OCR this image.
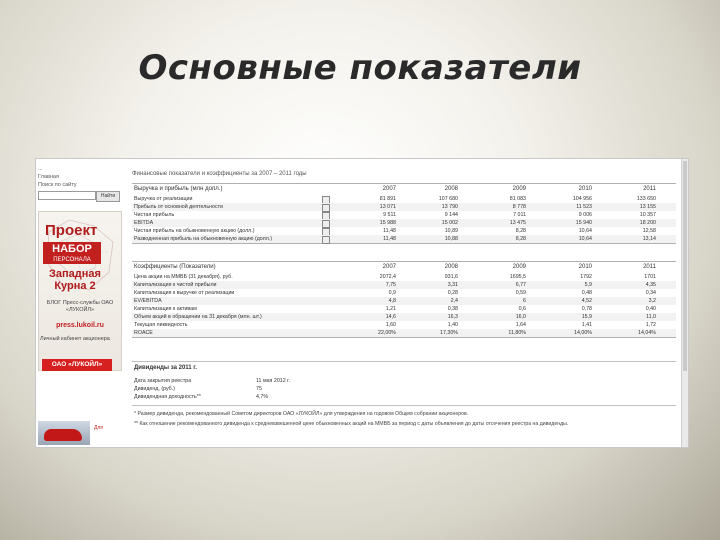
Основные показатели
...
Главная
Поиск по сайту
Найти
Проект
НАБОР
ПЕРСОНАЛА
Западная Курна 2
БЛОГ Пресс-службы ОАО «ЛУКОЙЛ»
press.lukoil.ru
Личный кабинет акционера
ОАО «ЛУКОЙЛ»
Для
Финансовые показатели и коэффициенты за 2007 – 2011 годы
Выручка и прибыль (млн долл.)	2007	2008	2009	2010	2011
Выручка от реализации	81 891	107 680	81 083	104 956	133 650
Прибыль от основной деятельности	13 071	13 790	8 778	11 523	13 155
Чистая прибыль	9 511	9 144	7 011	9 006	10 357
EBITDA	15 988	15 002	13 475	15 940	18 200
Чистая прибыль на обыкновенную акцию (долл.)	11,48	10,89	8,28	10,64	12,58
Разводненная прибыль на обыкновенную акцию (долл.)	11,48	10,88	8,28	10,64	13,14
Коэффициенты (Показатели)	2007	2008	2009	2010	2011
Цена акции на ММВБ (31 декабря), руб.	2072,4	931,6	1695,5	1792	1701
Капитализация к чистой прибыли	7,75	3,31	6,77	5,9	4,35
Капитализация к выручке от реализации	0,9	0,28	0,59	0,48	0,34
EV/EBITDA	4,8	2,4	6	4,52	3,2
Капитализация к активам	1,21	0,38	0,6	0,78	0,40
Объем акций в обращении на 31 декабря (млн. шт.)	14,6	16,3	16,0	15,9	11,0
Текущая ликвидность	1,60	1,40	1,64	1,41	1,72
ROACE	22,00%	17,30%	11,80%	14,00%	14,04%
Дивиденды за 2011 г.
Дата закрытия реестра	11 мая 2012 г.
Дивиденд, (руб.)	75
Дивидендная доходность**	4,7%
* Размер дивиденда, рекомендованный Советом директоров ОАО «ЛУКОЙЛ» для утверждения на годовом Общем собрании акционеров.
** Как отношение рекомендованного дивиденда к средневзвешенной цене обыкновенных акций на ММВБ за период с даты объявления до даты отсечения реестра на дивиденды.
